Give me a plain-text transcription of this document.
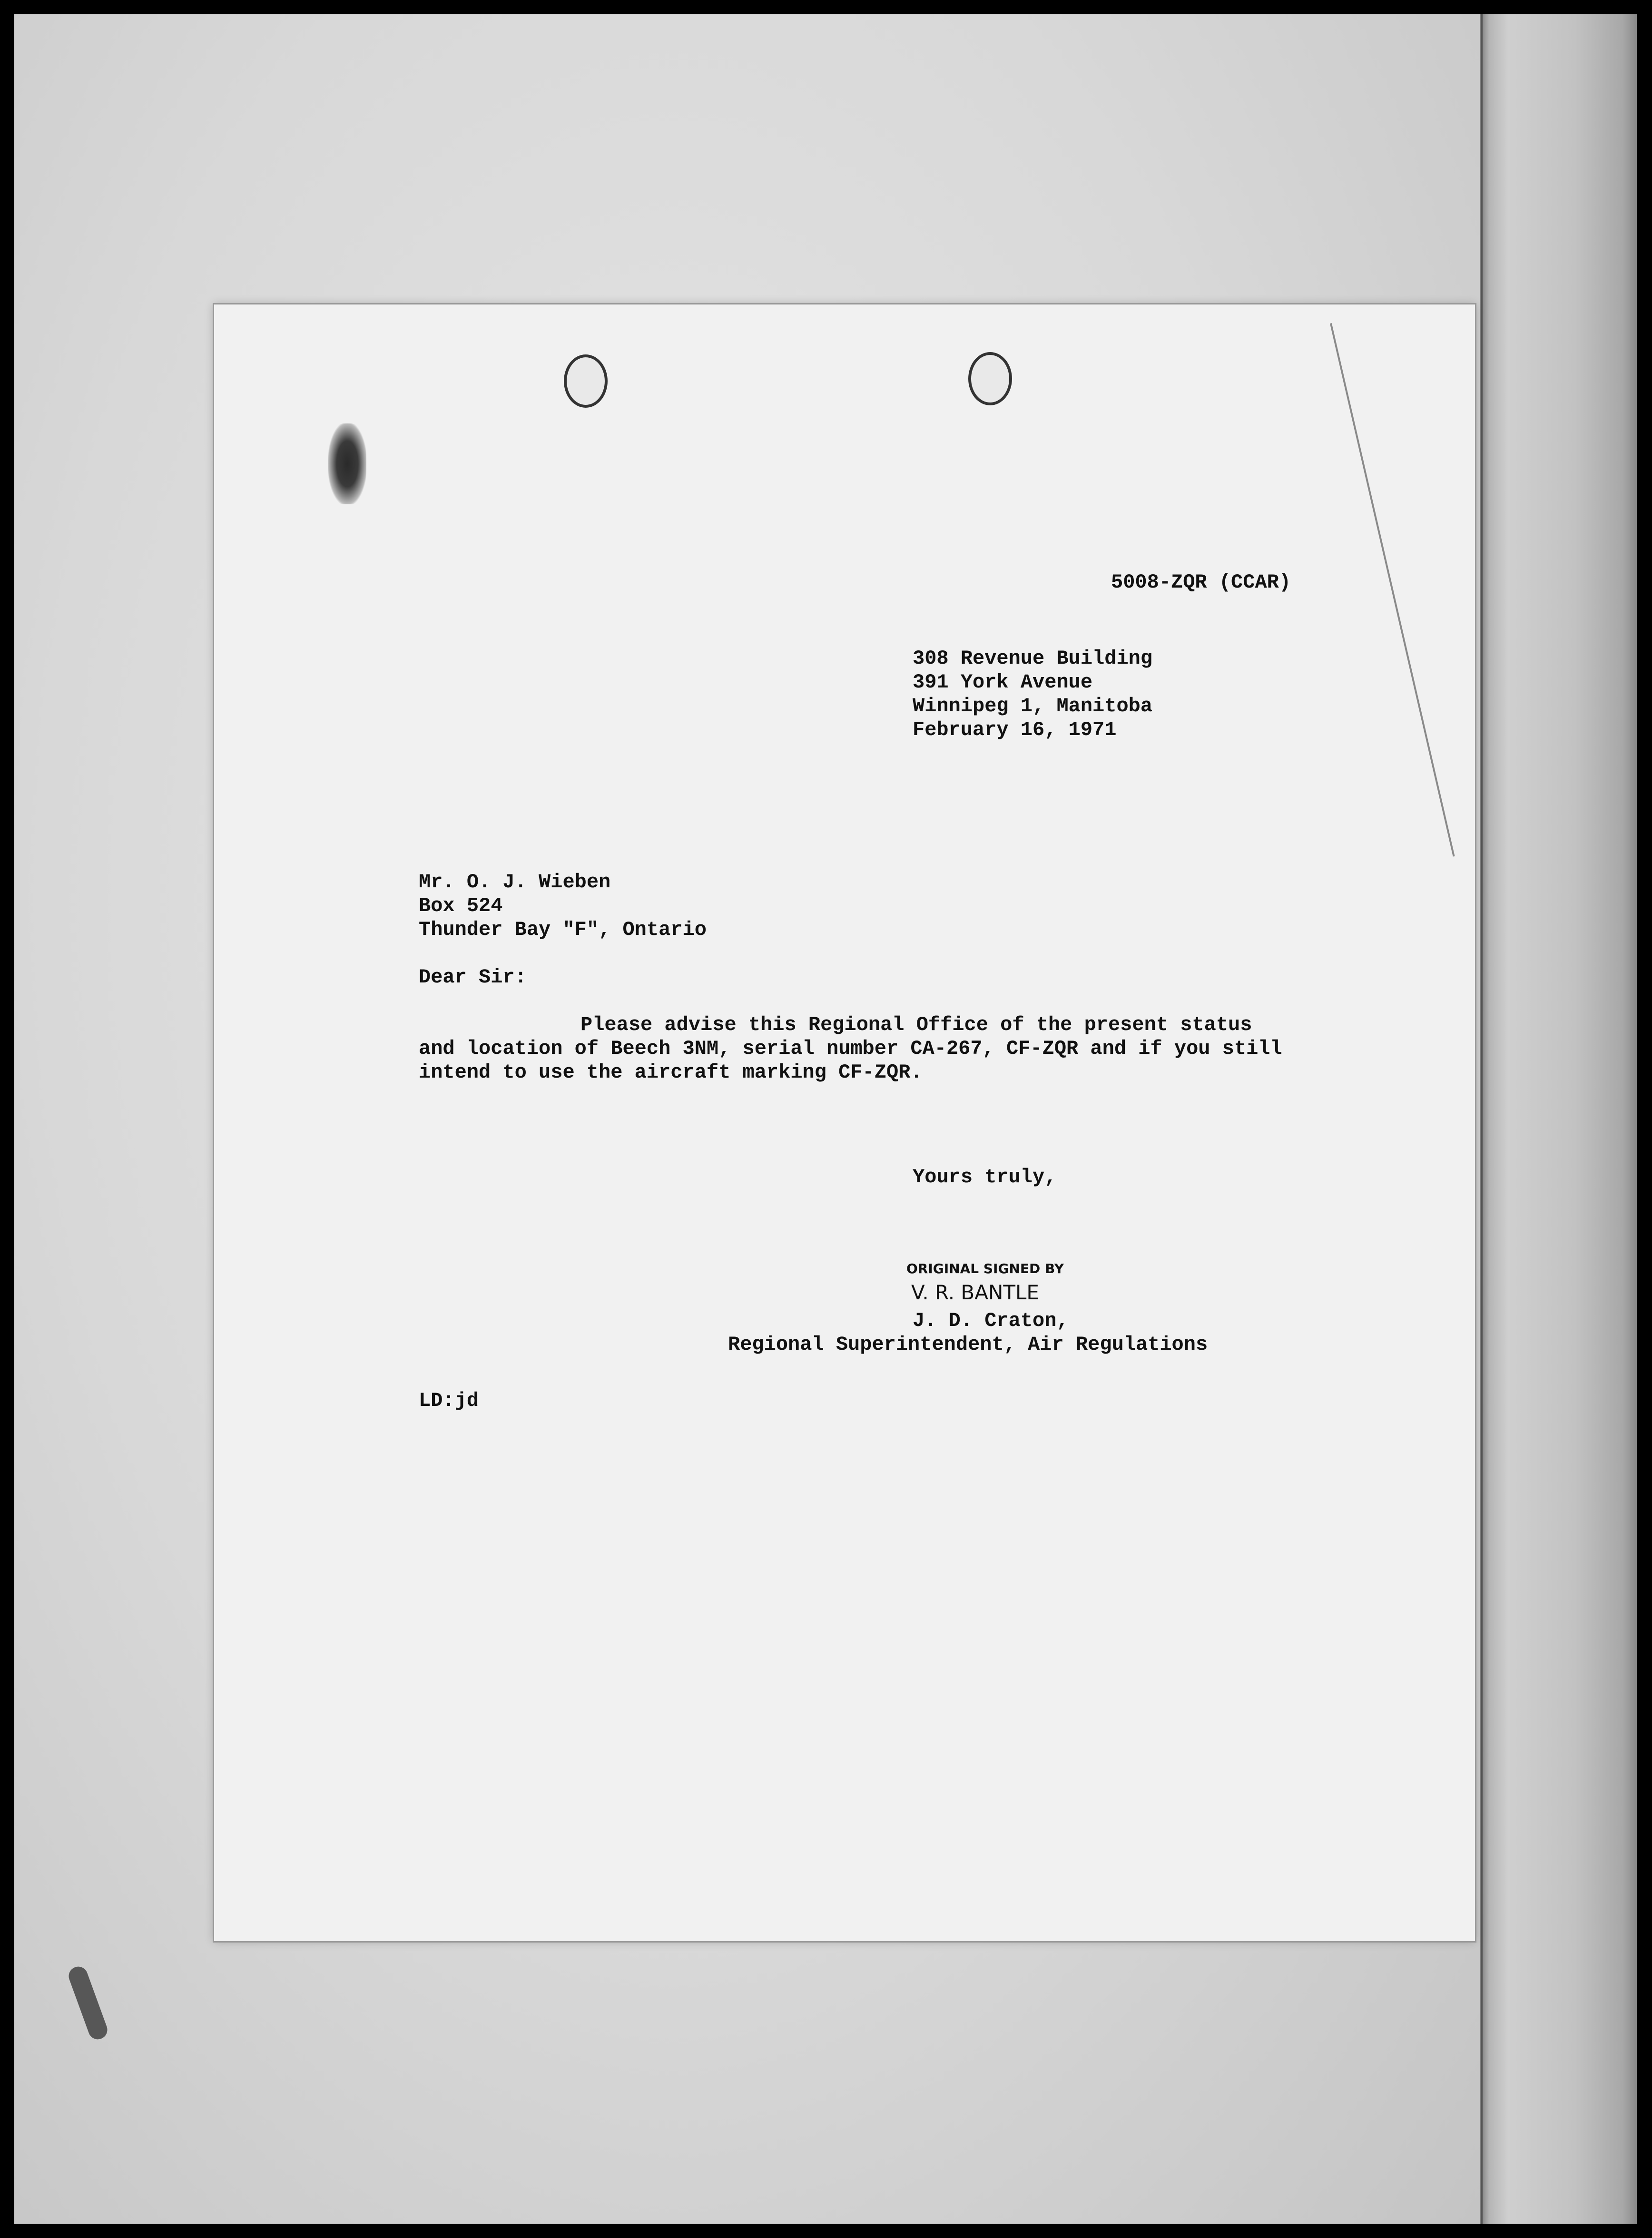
5008-ZQR (CCAR)
308 Revenue Building
391 York Avenue
Winnipeg 1, Manitoba
February 16, 1971
Mr. O. J. Wieben
Box 524
Thunder Bay "F", Ontario
Dear Sir:
Please advise this Regional Office of the present status
and location of Beech 3NM, serial number CA-267, CF-ZQR and if you still
intend to use the aircraft marking CF-ZQR.
Yours truly,
ORIGINAL SIGNED BY
V. R. BANTLE
J. D. Craton,
Regional Superintendent, Air Regulations
LD:jd
